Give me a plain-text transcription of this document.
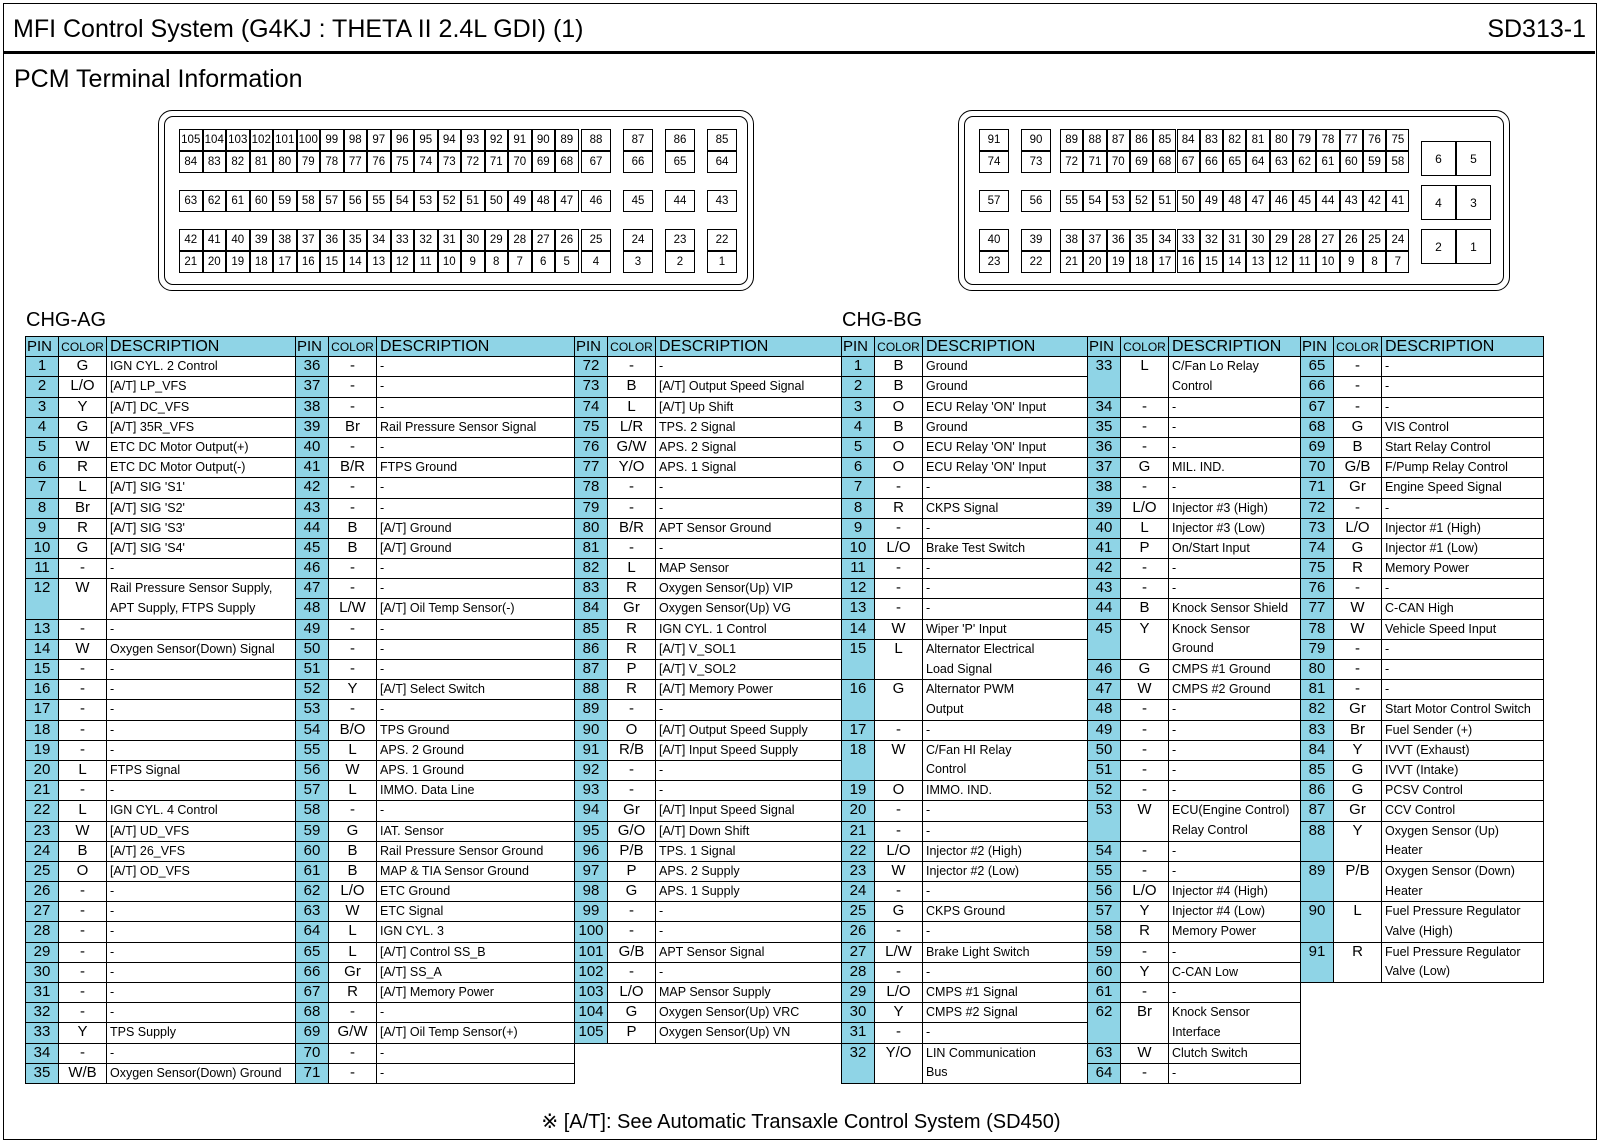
MFI Control System (G4KJ : THETA II 2.4L GDI) (1)	SD313-1
PCM Terminal Information
105 104 103 102 101 100 99 98 97 96 95 94 93 92 91 90 89
84 83 82 81 80 79 78 77 76 75 74 73 72 71 70 69 68
88	87	86	85
67	66	65	64
63 62 61 60 59 58 57 56 55 54 53 52 51 50 49 48 47	46	45	44	43
42 41 40 39 38 37 36 35 34 33 32 31 30 29 28 27 26
21 20 19 18 17 16 15 14 13 12 11 10	9	8	7	6	5
25	24	23	22
4	3	2	1
91	90
74	73
89 88 87 86 85 84 83 82 81 80 79 78 77 76 75
72 71 70 69 68 67 66 65 64 63 62 61 60 59 58
57	56	55 54 53 52 51 50 49 48 47 46 45 44 43 42 41
40	39
23	22
38 37 36 35 34 33 32 31 30 29 28 27 26 25 24
21 20 19 18 17 16 15 14 13 12 11 10	9	8	7
6	5
4	3
2	1
CHG-AG	CHG-BG
PIN	COLOR	DESCRIPTION	PIN	COLOR	DESCRIPTION	PIN	COLOR	DESCRIPTION
1	G	IGN CYL. 2 Control	36	-	-	72	-	-
2	L/O	[A/T] LP_VFS	37	-	-	73	B	[A/T] Output Speed Signal
3	Y	[A/T] DC_VFS	38	-	-	74	L	[A/T] Up Shift
4	G	[A/T] 35R_VFS	39	Br	Rail Pressure Sensor Signal	75	L/R	TPS. 2 Signal
5	W	ETC DC Motor Output(+)	40	-	-	76	G/W	APS. 2 Signal
6	R	ETC DC Motor Output(-)	41	B/R	FTPS Ground	77	Y/O	APS. 1 Signal
7	L	[A/T] SIG 'S1'	42	-	-	78	-	-
8	Br	[A/T] SIG 'S2'	43	-	-	79	-	-
9	R	[A/T] SIG 'S3'	44	B	[A/T] Ground	80	B/R	APT Sensor Ground
10	G	[A/T] SIG 'S4'	45	B	[A/T] Ground	81	-	-
11	-	-	46	-	-	82	L	MAP Sensor
12	W	Rail Pressure Sensor Supply,	47	-	-	83	R	Oxygen Sensor(Up) VIP
		APT Supply, FTPS Supply	48	L/W	[A/T] Oil Temp Sensor(-)	84	Gr	Oxygen Sensor(Up) VG
13	-	-	49	-	-	85	R	IGN CYL. 1 Control
14	W	Oxygen Sensor(Down) Signal	50	-	-	86	R	[A/T] V_SOL1
15	-	-	51	-	-	87	P	[A/T] V_SOL2
16	-	-	52	Y	[A/T] Select Switch	88	R	[A/T] Memory Power
17	-	-	53	-	-	89	-	-
18	-	-	54	B/O	TPS Ground	90	O	[A/T] Output Speed Supply
19	-	-	55	L	APS. 2 Ground	91	R/B	[A/T] Input Speed Supply
20	L	FTPS Signal	56	W	APS. 1 Ground	92	-	-
21	-	-	57	L	IMMO. Data Line	93	-	-
22	L	IGN CYL. 4 Control	58	-	-	94	Gr	[A/T] Input Speed Signal
23	W	[A/T] UD_VFS	59	G	IAT. Sensor	95	G/O	[A/T] Down Shift
24	B	[A/T] 26_VFS	60	B	Rail Pressure Sensor Ground	96	P/B	TPS. 1 Signal
25	O	[A/T] OD_VFS	61	B	MAP & TIA Sensor Ground	97	P	APS. 2 Supply
26	-	-	62	L/O	ETC Ground	98	G	APS. 1 Supply
27	-	-	63	W	ETC Signal	99	-	-
28	-	-	64	L	IGN CYL. 3	100	-	-
29	-	-	65	L	[A/T] Control SS_B	101	G/B	APT Sensor Signal
30	-	-	66	Gr	[A/T] SS_A	102	-	-
31	-	-	67	R	[A/T] Memory Power	103	L/O	MAP Sensor Supply
32	-	-	68	-	-	104	G	Oxygen Sensor(Up) VRC
33	Y	TPS Supply	69	G/W	[A/T] Oil Temp Sensor(+)	105	P	Oxygen Sensor(Up) VN
34	-	-	70	-	-			
35	W/B	Oxygen Sensor(Down) Ground	71	-	-			
PIN	COLOR	DESCRIPTION	PIN	COLOR	DESCRIPTION	PIN	COLOR	DESCRIPTION
1	B	Ground	33	L	C/Fan Lo Relay	65	-	-
2	B	Ground			Control	66	-	-
3	O	ECU Relay 'ON' Input	34	-	-	67	-	-
4	B	Ground	35	-	-	68	G	VIS Control
5	O	ECU Relay 'ON' Input	36	-	-	69	B	Start Relay Control
6	O	ECU Relay 'ON' Input	37	G	MIL. IND.	70	G/B	F/Pump Relay Control
7	-	-	38	-	-	71	Gr	Engine Speed Signal
8	R	CKPS Signal	39	L/O	Injector #3 (High)	72	-	-
9	-	-	40	L	Injector #3 (Low)	73	L/O	Injector #1 (High)
10	L/O	Brake Test Switch	41	P	On/Start Input	74	G	Injector #1 (Low)
11	-	-	42	-	-	75	R	Memory Power
12	-	-	43	-	-	76	-	-
13	-	-	44	B	Knock Sensor Shield	77	W	C-CAN High
14	W	Wiper 'P' Input	45	Y	Knock Sensor	78	W	Vehicle Speed Input
15	L	Alternator Electrical			Ground	79	-	-
		Load Signal	46	G	CMPS #1 Ground	80	-	-
16	G	Alternator PWM	47	W	CMPS #2 Ground	81	-	-
		Output	48	-	-	82	Gr	Start Motor Control Switch
17	-	-	49	-	-	83	Br	Fuel Sender (+)
18	W	C/Fan HI Relay	50	-	-	84	Y	IVVT (Exhaust)
		Control	51	-	-	85	G	IVVT (Intake)
19	O	IMMO. IND.	52	-	-	86	G	PCSV Control
20	-	-	53	W	ECU(Engine Control)	87	Gr	CCV Control
21	-	-			Relay Control	88	Y	Oxygen Sensor (Up)
22	L/O	Injector #2 (High)	54	-	-			Heater
23	W	Injector #2 (Low)	55	-	-	89	P/B	Oxygen Sensor (Down)
24	-	-	56	L/O	Injector #4 (High)			Heater
25	G	CKPS Ground	57	Y	Injector #4 (Low)	90	L	Fuel Pressure Regulator
26	-	-	58	R	Memory Power			Valve (High)
27	L/W	Brake Light Switch	59	-	-	91	R	Fuel Pressure Regulator
28	-	-	60	Y	C-CAN Low			Valve (Low)
29	L/O	CMPS #1 Signal	61	-	-			
30	Y	CMPS #2 Signal	62	Br	Knock Sensor			
31	-	-			Interface			
32	Y/O	LIN Communication	63	W	Clutch Switch			
		Bus	64	-	-			
※ [A/T]: See Automatic Transaxle Control System (SD450)
